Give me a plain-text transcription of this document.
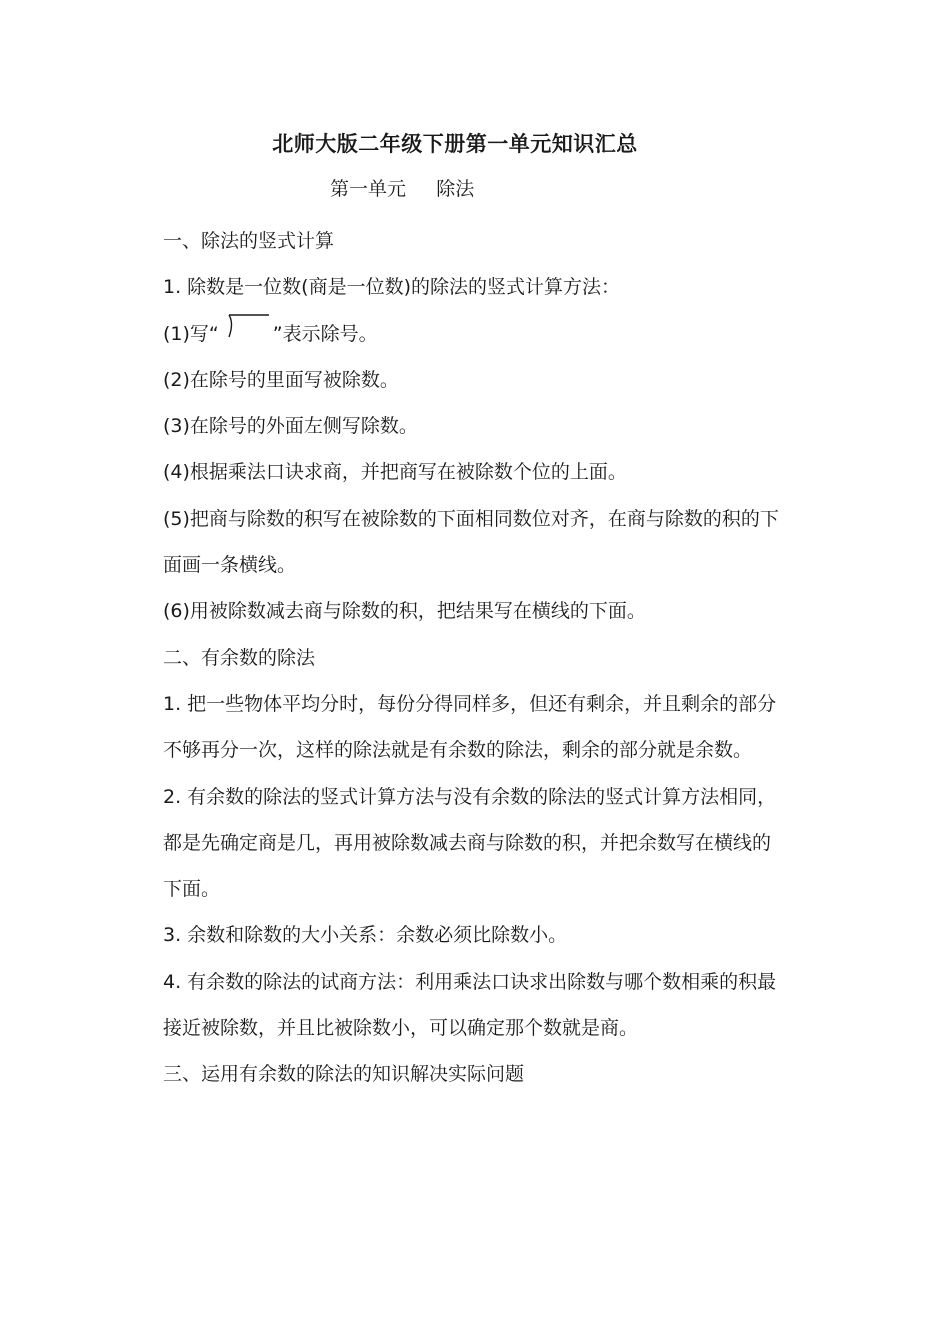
北师大版二年级下册第一单元知识汇总
第一单元 除法

一、除法的竖式计算

1. 除数是一位数(商是一位数)的除法的竖式计算方法：

(1)写“	”表示除号。

(2)在除号的里面写被除数。

(3)在除号的外面左侧写除数。

(4)根据乘法口诀求商，并把商写在被除数个位的上面。

(5)把商与除数的积写在被除数的下面相同数位对齐，在商与除数的积的下面画一条横线。

(6)用被除数减去商与除数的积，把结果写在横线的下面。

二、有余数的除法

1. 把一些物体平均分时，每份分得同样多，但还有剩余，并且剩余的部分不够再分一次，这样的除法就是有余数的除法，剩余的部分就是余数。

2. 有余数的除法的竖式计算方法与没有余数的除法的竖式计算方法相同，都是先确定商是几，再用被除数减去商与除数的积，并把余数写在横线的下面。

3. 余数和除数的大小关系：余数必须比除数小。

4. 有余数的除法的试商方法：利用乘法口诀求出除数与哪个数相乘的积最接近被除数，并且比被除数小，可以确定那个数就是商。

三、运用有余数的除法的知识解决实际问题
